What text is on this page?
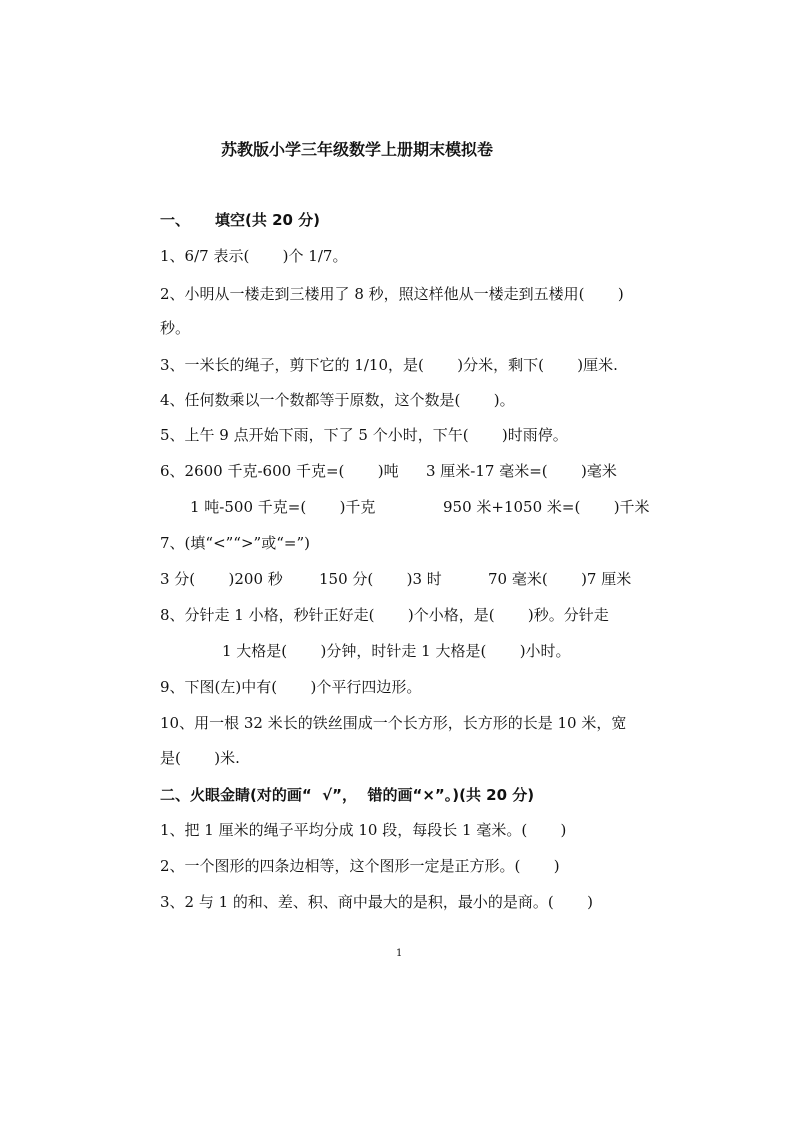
苏教版小学三年级数学上册期末模拟卷
一、 填空(共 20 分)
1、6/7 表示(       )个 1/7。
2、小明从一楼走到三楼用了 8 秒，照这样他从一楼走到五楼用(       )
秒。
3、一米长的绳子，剪下它的 1/10，是(       )分米，剩下(       )厘米.
4、任何数乘以一个数都等于原数，这个数是(       )。
5、上午 9 点开始下雨，下了 5 个小时，下午(       )时雨停。
6、2600 千克-600 千克=(       )吨 3 厘米-17 毫米=(       )毫米
1 吨-500 千克=(       )千克	950 米+1050 米=(       )千米
7、(填“<”“>”或“=”)
3 分(       )200 秒 150 分(       )3 时	70 毫米(       )7 厘米
8、分针走 1 小格，秒针正好走(       )个小格，是(       )秒。分针走
1 大格是(       )分钟，时针走 1 大格是(       )小时。
9、下图(左)中有(       )个平行四边形。
10、用一根 32 米长的铁丝围成一个长方形，长方形的长是 10 米，宽
是(       )米.
二、火眼金睛(对的画“  √”，  错的画“×”。)(共 20 分)
1、把 1 厘米的绳子平均分成 10 段，每段长 1 毫米。(       )
2、一个图形的四条边相等，这个图形一定是正方形。(       )
3、2 与 1 的和、差、积、商中最大的是积，最小的是商。(       )
1
